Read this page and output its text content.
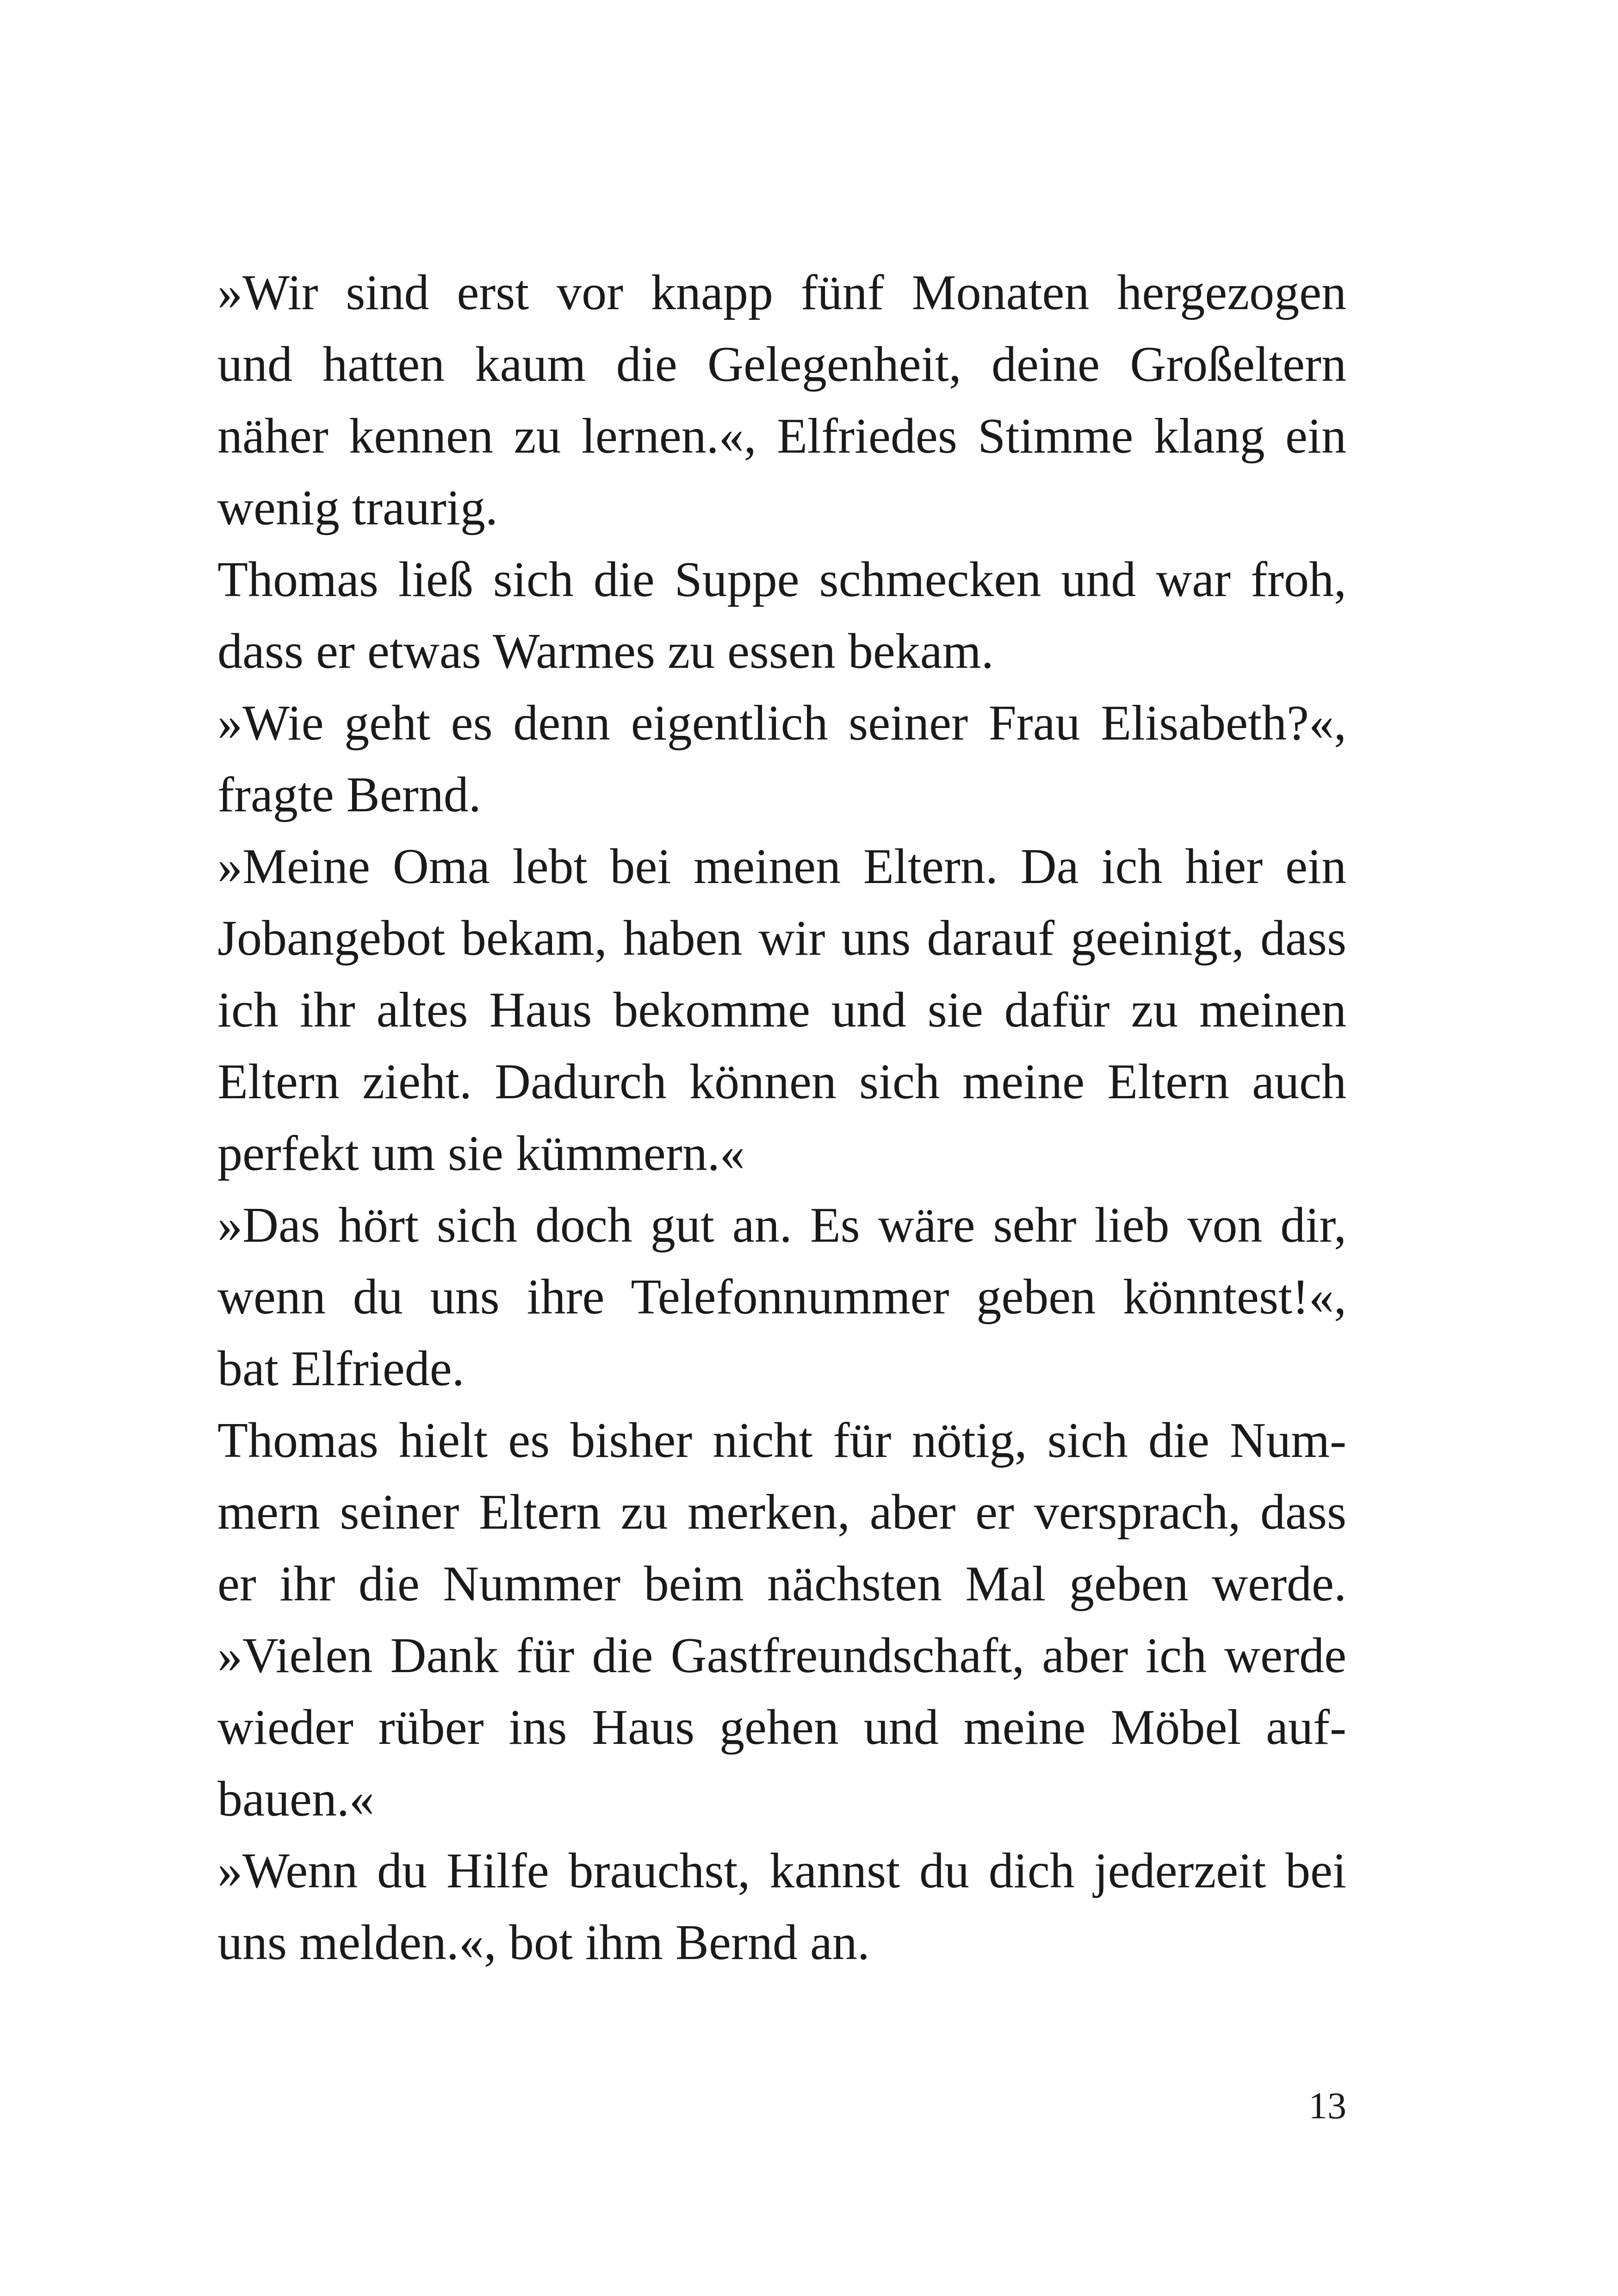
»Wir sind erst vor knapp fünf Monaten hergezogen
und hatten kaum die Gelegenheit, deine Großeltern
näher kennen zu lernen.«, Elfriedes Stimme klang ein
wenig traurig.
Thomas ließ sich die Suppe schmecken und war froh,
dass er etwas Warmes zu essen bekam.
»Wie geht es denn eigentlich seiner Frau Elisabeth?«,
fragte Bernd.
»Meine Oma lebt bei meinen Eltern. Da ich hier ein
Jobangebot bekam, haben wir uns darauf geeinigt, dass
ich ihr altes Haus bekomme und sie dafür zu meinen
Eltern zieht. Dadurch können sich meine Eltern auch
perfekt um sie kümmern.«
»Das hört sich doch gut an. Es wäre sehr lieb von dir,
wenn du uns ihre Telefonnummer geben könntest!«,
bat Elfriede.
Thomas hielt es bisher nicht für nötig, sich die Num-
mern seiner Eltern zu merken, aber er versprach, dass
er ihr die Nummer beim nächsten Mal geben werde.
»Vielen Dank für die Gastfreundschaft, aber ich werde
wieder rüber ins Haus gehen und meine Möbel auf-
bauen.«
»Wenn du Hilfe brauchst, kannst du dich jederzeit bei
uns melden.«, bot ihm Bernd an.
13
